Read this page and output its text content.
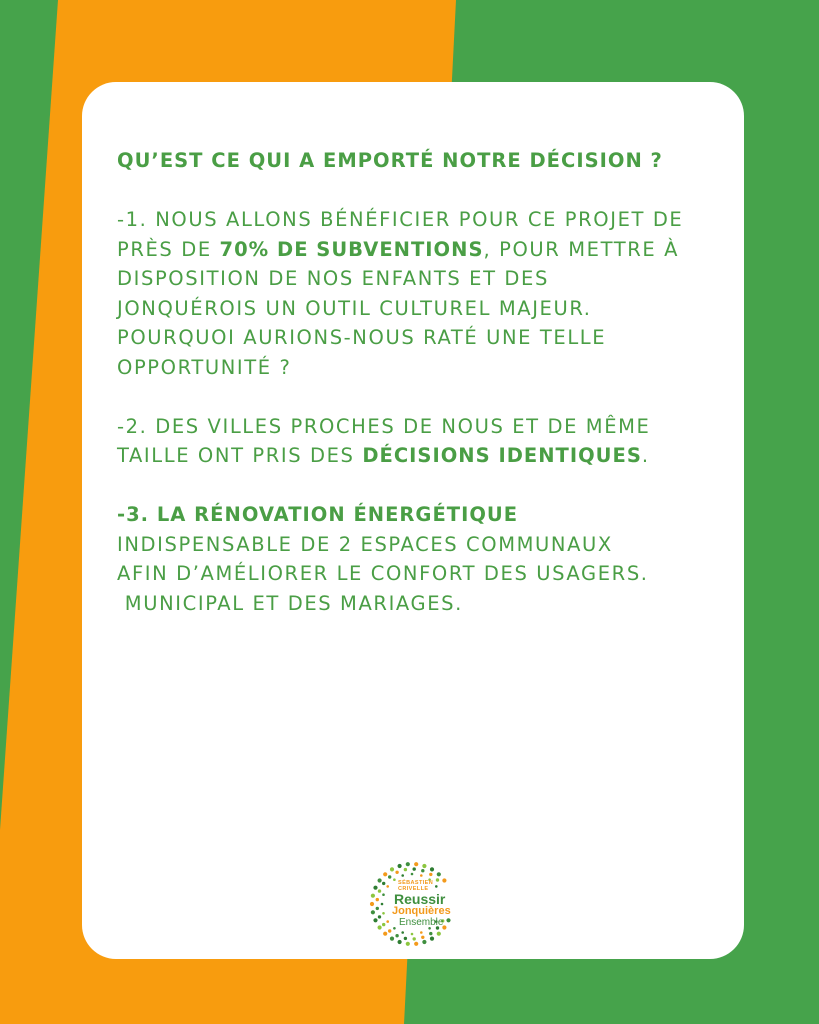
QU’EST CE QUI A EMPORTÉ NOTRE DÉCISION ?

-1. NOUS ALLONS BÉNÉFICIER POUR CE PROJET DE
PRÈS DE 70% DE SUBVENTIONS, POUR METTRE À
DISPOSITION DE NOS ENFANTS ET DES
JONQUÉROIS UN OUTIL CULTUREL MAJEUR.
POURQUOI AURIONS-NOUS RATÉ UNE TELLE
OPPORTUNITÉ ?
-2. DES VILLES PROCHES DE NOUS ET DE MÊME
TAILLE ONT PRIS DES DÉCISIONS IDENTIQUES.
-3. LA RÉNOVATION ÉNERGÉTIQUE
INDISPENSABLE DE 2 ESPACES COMMUNAUX
AFIN D’AMÉLIORER LE CONFORT DES USAGERS.
MUNICIPAL ET DES MARIAGES.
SÉBASTIEN
CRIVELLE
Reussir
Jonquières
Ensemble
